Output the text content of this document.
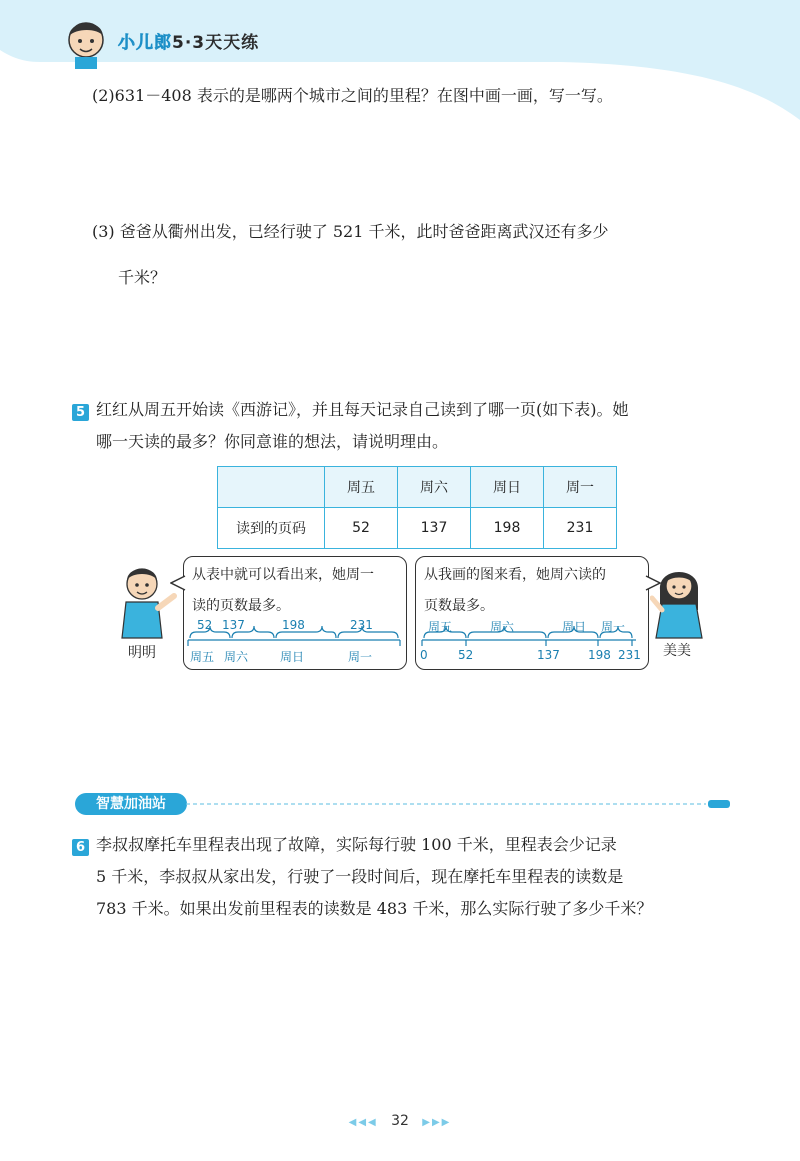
小儿郎5·3天天练
(2)631－408 表示的是哪两个城市之间的里程？在图中画一画，写一写。
(3) 爸爸从衢州出发，已经行驶了 521 千米，此时爸爸距离武汉还有多少
千米？
5 红红从周五开始读《西游记》，并且每天记录自己读到了哪一页(如下表)。她
哪一天读的最多？你同意谁的想法，请说明理由。
	周五	周六	周日	周一
读到的页码	52	137	198	231
明明
从表中就可以看出来，她周一
读的页数最多。
52 137	198	231
周五 周六	周日	周一
从我画的图来看，她周六读的
页数最多。
周五	周六	周日 周一
0	52	137 198 231 美美
智慧加油站
6 李叔叔摩托车里程表出现了故障，实际每行驶 100 千米，里程表会少记录
5 千米，李叔叔从家出发，行驶了一段时间后，现在摩托车里程表的读数是
783 千米。如果出发前里程表的读数是 483 千米，那么实际行驶了多少千米？
◀◀◀ 32 ▶▶▶
